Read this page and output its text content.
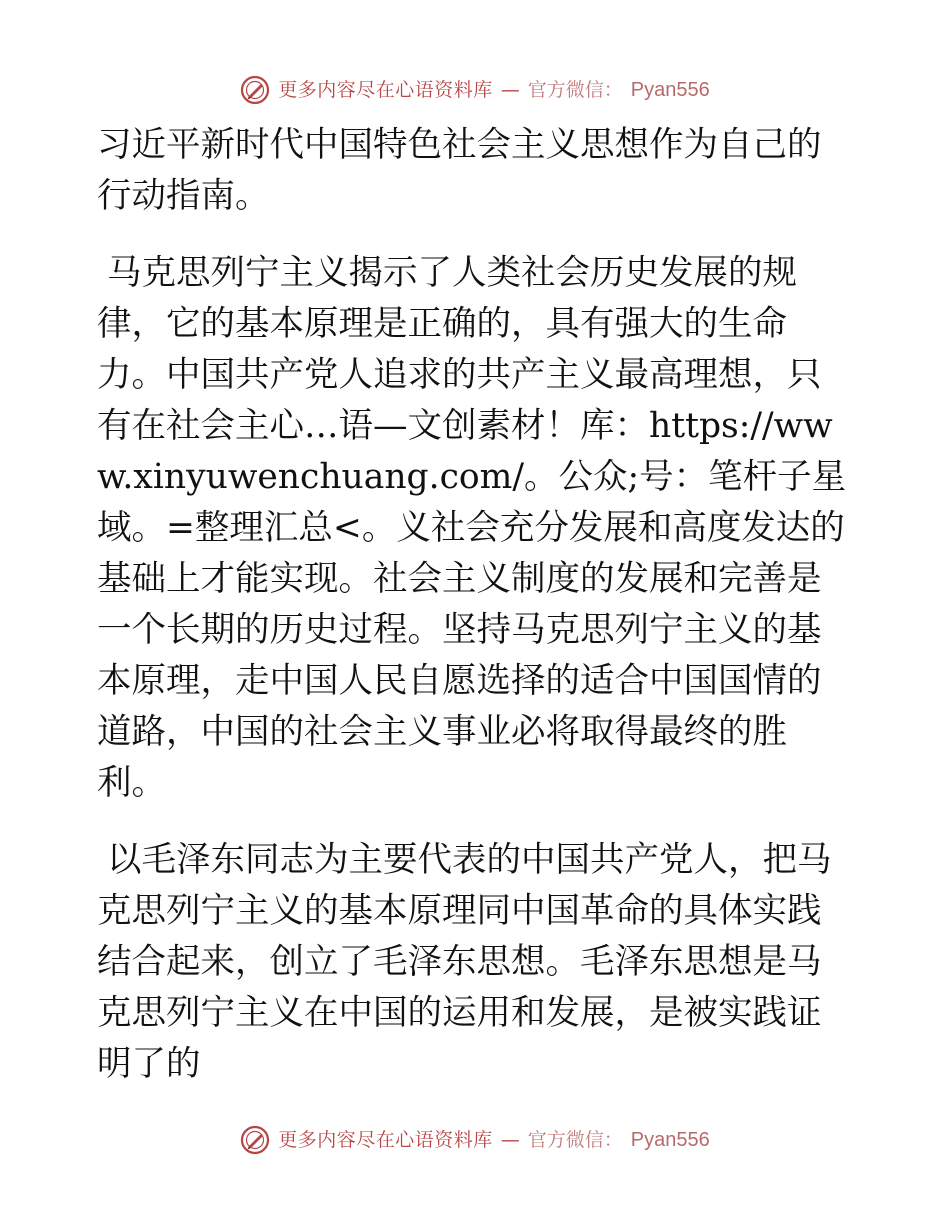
更多内容尽在心语资料库 — 官方微信： Pyan556

习近平新时代中国特色社会主义思想作为自己的行动指南。

马克思列宁主义揭示了人类社会历史发展的规律，它的基本原理是正确的，具有强大的生命力。中国共产党人追求的共产主义最高理想，只有在社会主心…语—文创素材！库：https://www.xinyuwenchuang.com/。公众;号：笔杆子星域。=整理汇总<。义社会充分发展和高度发达的基础上才能实现。社会主义制度的发展和完善是一个长期的历史过程。坚持马克思列宁主义的基本原理，走中国人民自愿选择的适合中国国情的道路，中国的社会主义事业必将取得最终的胜利。

以毛泽东同志为主要代表的中国共产党人，把马克思列宁主义的基本原理同中国革命的具体实践结合起来，创立了毛泽东思想。毛泽东思想是马克思列宁主义在中国的运用和发展，是被实践证明了的

更多内容尽在心语资料库 — 官方微信： Pyan556
